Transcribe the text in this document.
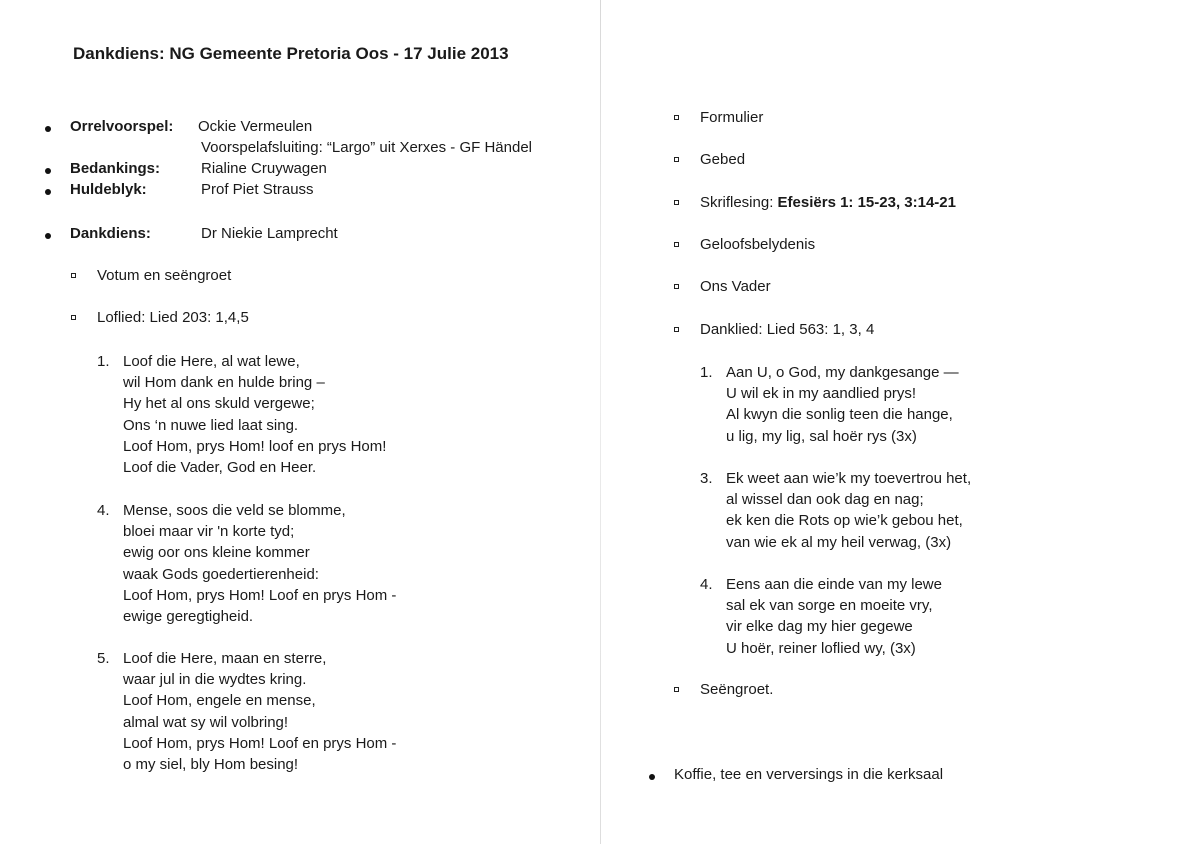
Dankdiens: NG Gemeente Pretoria Oos - 17 Julie 2013
Orrelvoorspel: Ockie Vermeulen
Voorspelafsluiting: “Largo” uit Xerxes - GF Händel
Bedankings:	Rialine Cruywagen
Huldeblyk:	Prof Piet Strauss
Dankdiens:	Dr Niekie Lamprecht
Votum en seëngroet
Loflied: Lied 203: 1,4,5
1. Loof die Here, al wat lewe,
wil Hom dank en hulde bring –
Hy het al ons skuld vergewe;
Ons ‘n nuwe lied laat sing.
Loof Hom, prys Hom! loof en prys Hom!
Loof die Vader, God en Heer.
4. Mense, soos die veld se blomme,
bloei maar vir 'n korte tyd;
ewig oor ons kleine kommer
waak Gods goedertierenheid:
Loof Hom, prys Hom! Loof en prys Hom -
ewige geregtigheid.
5. Loof die Here, maan en sterre,
waar jul in die wydtes kring.
Loof Hom, engele en mense,
almal wat sy wil volbring!
Loof Hom, prys Hom! Loof en prys Hom -
o my siel, bly Hom besing!
Formulier
Gebed
Skriflesing: Efesiërs 1: 15-23, 3:14-21
Geloofsbelydenis
Ons Vader
Danklied: Lied 563: 1, 3, 4
1. Aan U, o God, my dankgesange —
U wil ek in my aandlied prys!
Al kwyn die sonlig teen die hange,
u lig, my lig, sal hoër rys (3x)
3. Ek weet aan wie’k my toevertrou het,
al wissel dan ook dag en nag;
ek ken die Rots op wie’k gebou het,
van wie ek al my heil verwag, (3x)
4. Eens aan die einde van my lewe
sal ek van sorge en moeite vry,
vir elke dag my hier gegewe
U hoër, reiner loflied wy, (3x)
Seëngroet.
Koffie, tee en verversings in die kerksaal
